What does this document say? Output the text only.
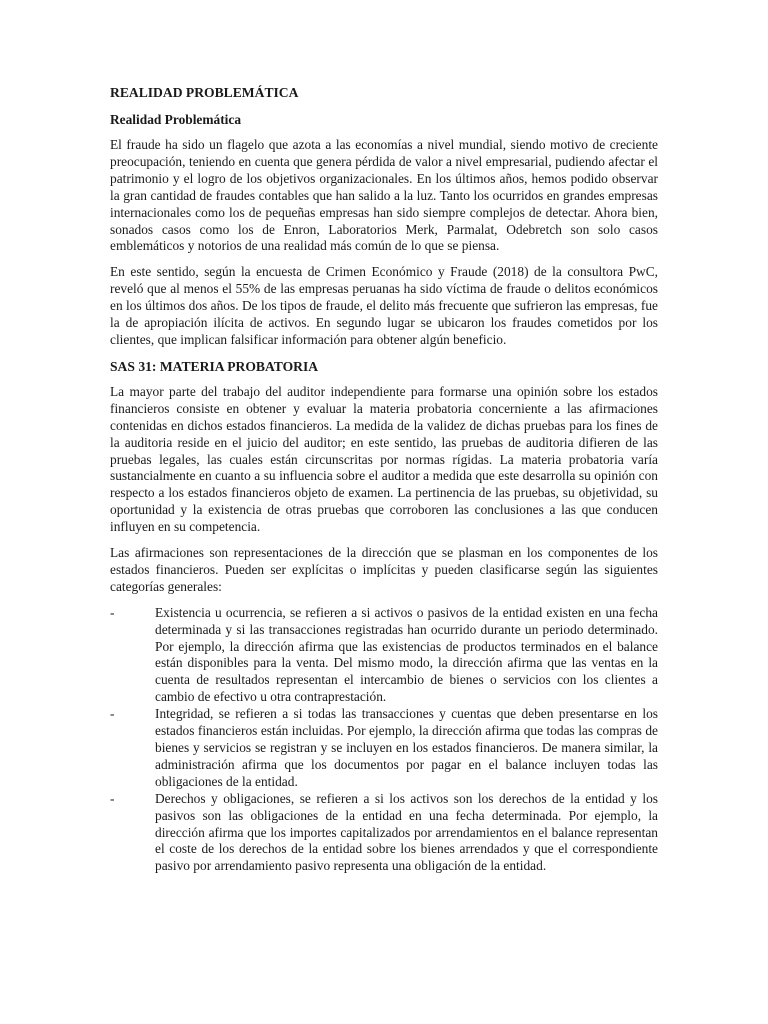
REALIDAD PROBLEMÁTICA
Realidad Problemática

El fraude ha sido un flagelo que azota a las economías a nivel mundial, siendo motivo de creciente preocupación, teniendo en cuenta que genera pérdida de valor a nivel empresarial, pudiendo afectar el patrimonio y el logro de los objetivos organizacionales. En los últimos años, hemos podido observar la gran cantidad de fraudes contables que han salido a la luz. Tanto los ocurridos en grandes empresas internacionales como los de pequeñas empresas han sido siempre complejos de detectar. Ahora bien, sonados casos como los de Enron, Laboratorios Merk, Parmalat, Odebretch son solo casos emblemáticos y notorios de una realidad más común de lo que se piensa.

En este sentido, según la encuesta de Crimen Económico y Fraude (2018) de la consultora PwC, reveló que al menos el 55% de las empresas peruanas ha sido víctima de fraude o delitos económicos en los últimos dos años. De los tipos de fraude, el delito más frecuente que sufrieron las empresas, fue la de apropiación ilícita de activos. En segundo lugar se ubicaron los fraudes cometidos por los clientes, que implican falsificar información para obtener algún beneficio.

SAS 31: MATERIA PROBATORIA

La mayor parte del trabajo del auditor independiente para formarse una opinión sobre los estados financieros consiste en obtener y evaluar la materia probatoria concerniente a las afirmaciones contenidas en dichos estados financieros. La medida de la validez de dichas pruebas para los fines de la auditoria reside en el juicio del auditor; en este sentido, las pruebas de auditoria difieren de las pruebas legales, las cuales están circunscritas por normas rígidas. La materia probatoria varía sustancialmente en cuanto a su influencia sobre el auditor a medida que este desarrolla su opinión con respecto a los estados financieros objeto de examen. La pertinencia de las pruebas, su objetividad, su oportunidad y la existencia de otras pruebas que corroboren las conclusiones a las que conducen influyen en su competencia.

Las afirmaciones son representaciones de la dirección que se plasman en los componentes de los estados financieros. Pueden ser explícitas o implícitas y pueden clasificarse según las siguientes categorías generales:

-	Existencia u ocurrencia, se refieren a si activos o pasivos de la entidad existen en una fecha determinada y si las transacciones registradas han ocurrido durante un periodo determinado. Por ejemplo, la dirección afirma que las existencias de productos terminados en el balance están disponibles para la venta. Del mismo modo, la dirección afirma que las ventas en la cuenta de resultados representan el intercambio de bienes o servicios con los clientes a cambio de efectivo u otra contraprestación.
-	Integridad, se refieren a si todas las transacciones y cuentas que deben presentarse en los estados financieros están incluidas. Por ejemplo, la dirección afirma que todas las compras de bienes y servicios se registran y se incluyen en los estados financieros. De manera similar, la administración afirma que los documentos por pagar en el balance incluyen todas las obligaciones de la entidad.
-	Derechos y obligaciones, se refieren a si los activos son los derechos de la entidad y los pasivos son las obligaciones de la entidad en una fecha determinada. Por ejemplo, la dirección afirma que los importes capitalizados por arrendamientos en el balance representan el coste de los derechos de la entidad sobre los bienes arrendados y que el correspondiente pasivo por arrendamiento pasivo representa una obligación de la entidad.
